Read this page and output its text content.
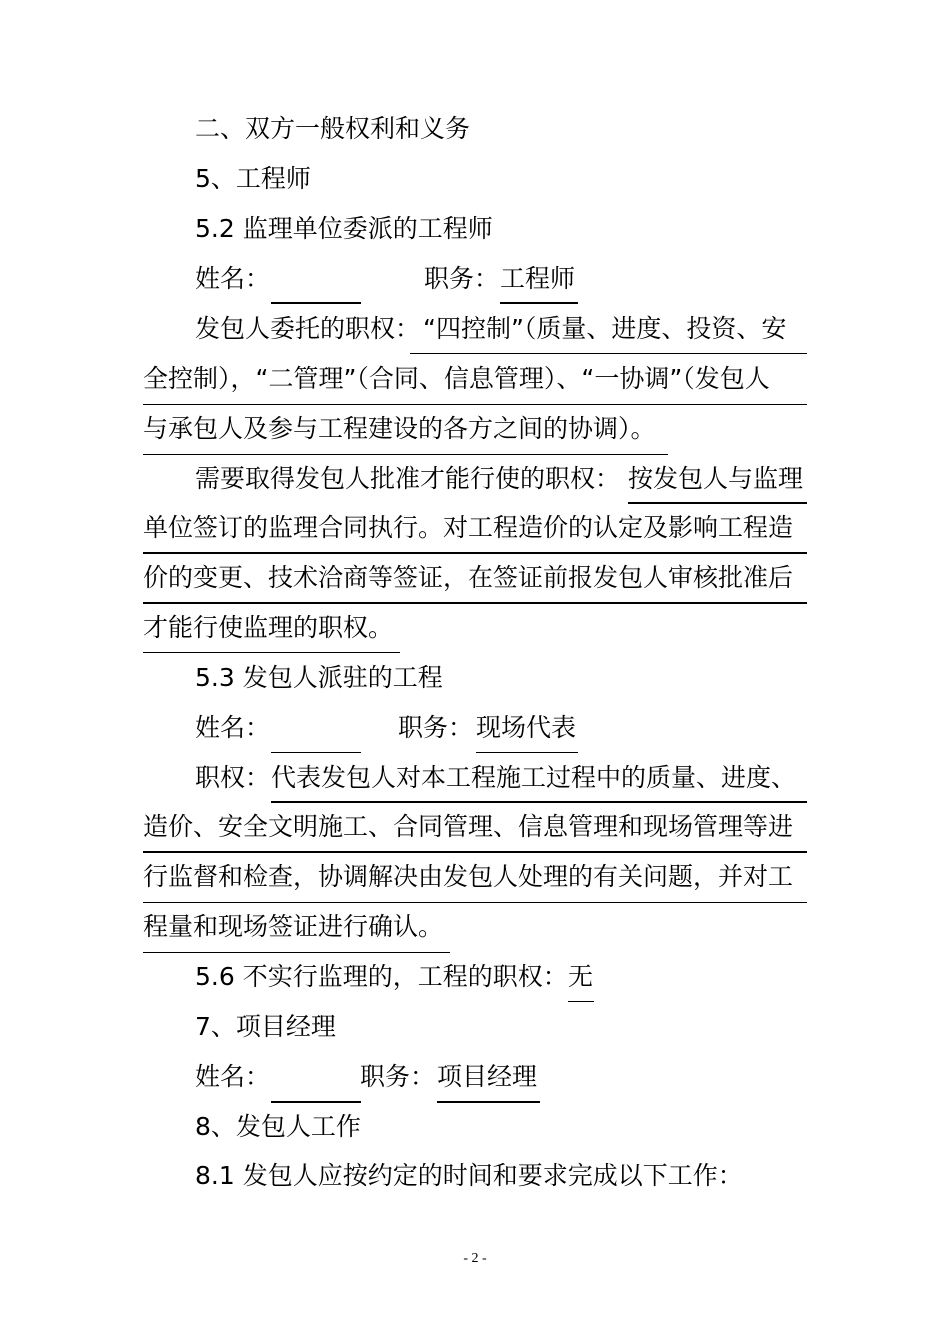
二、双方一般权利和义务
5、工程师
5.2 监理单位委派的工程师
姓名：	职务： 工程师
发包人委托的职权： “四控制”（质量、进度、投资、安
全控制），“二管理”（合同、信息管理）、“一协调”（发包人
与承包人及参与工程建设的各方之间的协调）。
需要取得发包人批准才能行使的职权： 按发包人与监理
单位签订的监理合同执行。对工程造价的认定及影响工程造
价的变更、技术洽商等签证，在签证前报发包人审核批准后
才能行使监理的职权。
5.3 发包人派驻的工程
姓名：	职务： 现场代表
职权： 代表发包人对本工程施工过程中的质量、进度、
造价、安全文明施工、合同管理、信息管理和现场管理等进
行监督和检查，协调解决由发包人处理的有关问题，并对工
程量和现场签证进行确认。
5.6 不实行监理的，工程的职权： 无
7、项目经理
姓名：	职务： 项目经理
8、发包人工作
8.1 发包人应按约定的时间和要求完成以下工作：
- 2 -
